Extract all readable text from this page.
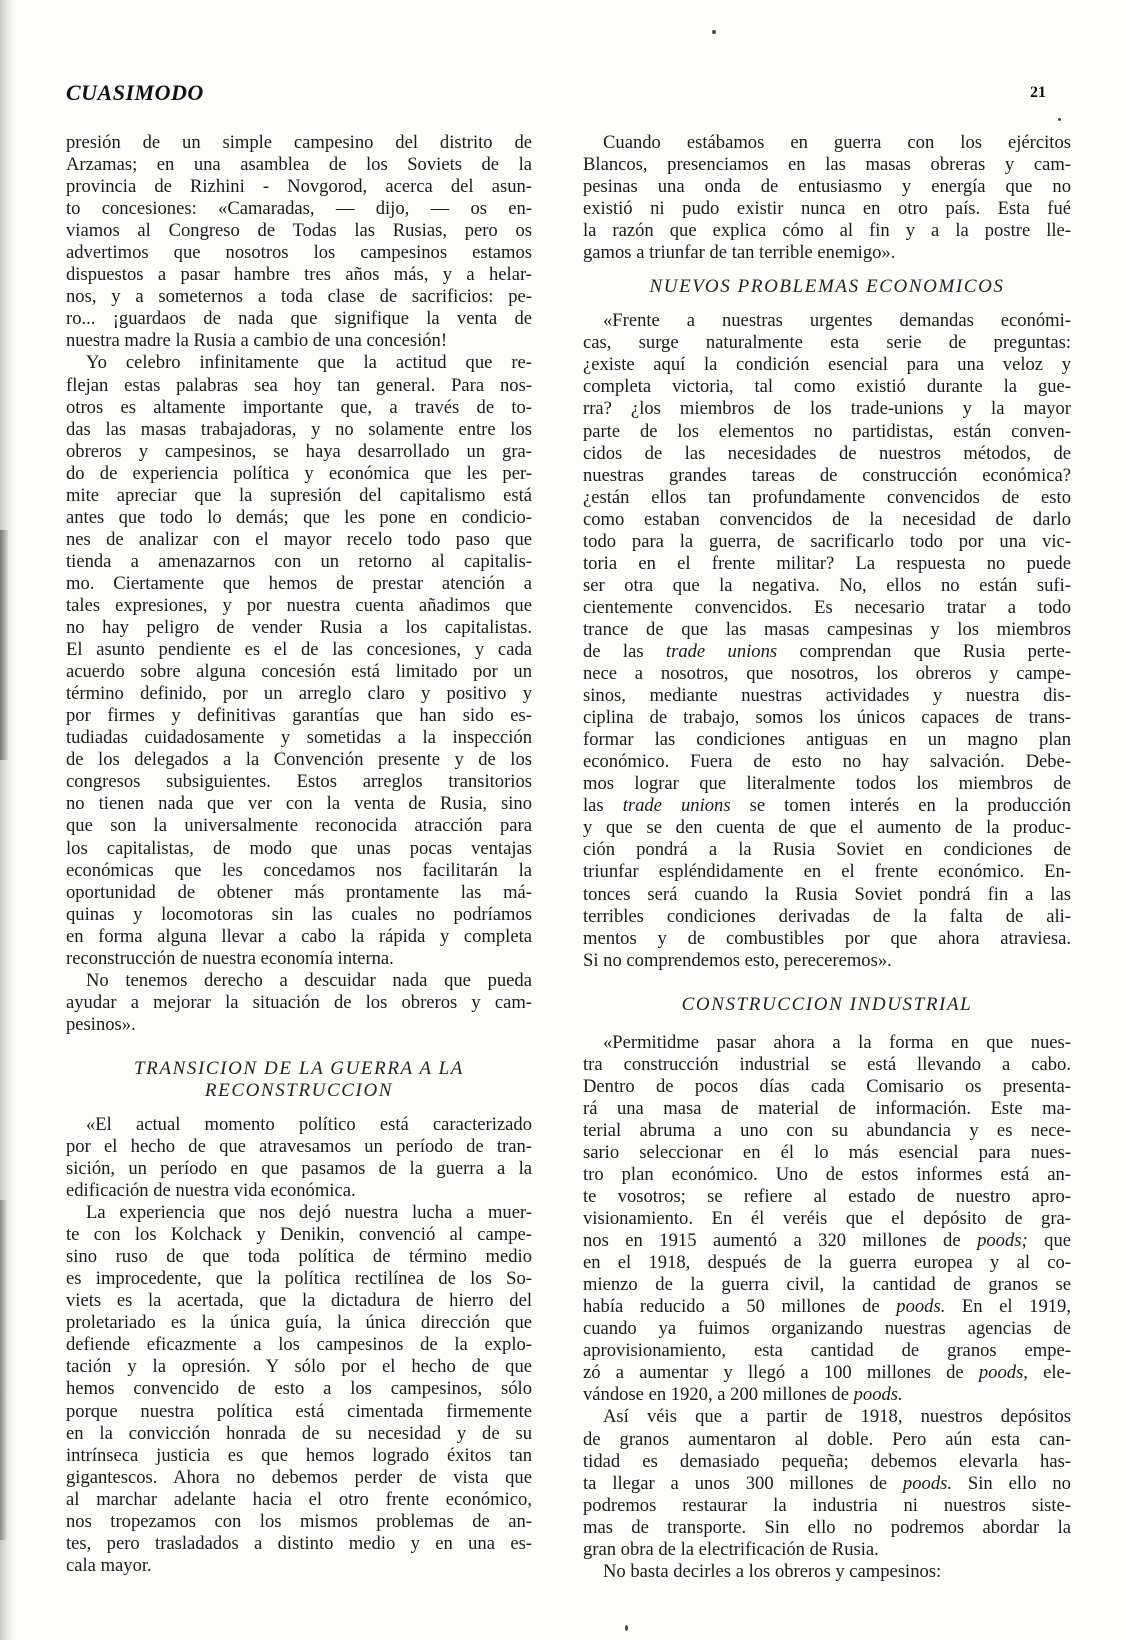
CUASIMODO	21
presión de un simple campesino del distrito de
Arzamas; en una asamblea de los Soviets de la
provincia de Rizhini - Novgorod, acerca del asun-
to concesiones: «Camaradas, — dijo, — os en-
viamos al Congreso de Todas las Rusias, pero os
advertimos que nosotros los campesinos estamos
dispuestos a pasar hambre tres años más, y a helar-
nos, y a someternos a toda clase de sacrificios: pe-
ro... ¡guardaos de nada que signifique la venta de
nuestra madre la Rusia a cambio de una concesión!
Yo celebro infinitamente que la actitud que re-
flejan estas palabras sea hoy tan general. Para nos-
otros es altamente importante que, a través de to-
das las masas trabajadoras, y no solamente entre los
obreros y campesinos, se haya desarrollado un gra-
do de experiencia política y económica que les per-
mite apreciar que la supresión del capitalismo está
antes que todo lo demás; que les pone en condicio-
nes de analizar con el mayor recelo todo paso que
tienda a amenazarnos con un retorno al capitalis-
mo. Ciertamente que hemos de prestar atención a
tales expresiones, y por nuestra cuenta añadimos que
no hay peligro de vender Rusia a los capitalistas.
El asunto pendiente es el de las concesiones, y cada
acuerdo sobre alguna concesión está limitado por un
término definido, por un arreglo claro y positivo y
por firmes y definitivas garantías que han sido es-
tudiadas cuidadosamente y sometidas a la inspección
de los delegados a la Convención presente y de los
congresos subsiguientes. Estos arreglos transitorios
no tienen nada que ver con la venta de Rusia, sino
que son la universalmente reconocida atracción para
los capitalistas, de modo que unas pocas ventajas
económicas que les concedamos nos facilitarán la
oportunidad de obtener más prontamente las má-
quinas y locomotoras sin las cuales no podríamos
en forma alguna llevar a cabo la rápida y completa
reconstrucción de nuestra economía interna.
No tenemos derecho a descuidar nada que pueda
ayudar a mejorar la situación de los obreros y cam-
pesinos».
TRANSICION DE LA GUERRA A LA
RECONSTRUCCION
«El actual momento político está caracterizado
por el hecho de que atravesamos un período de tran-
sición, un período en que pasamos de la guerra a la
edificación de nuestra vida económica.
La experiencia que nos dejó nuestra lucha a muer-
te con los Kolchack y Denikin, convenció al campe-
sino ruso de que toda política de término medio
es improcedente, que la política rectilínea de los So-
viets es la acertada, que la dictadura de hierro del
proletariado es la única guía, la única dirección que
defiende eficazmente a los campesinos de la explo-
tación y la opresión. Y sólo por el hecho de que
hemos convencido de esto a los campesinos, sólo
porque nuestra política está cimentada firmemente
en la convicción honrada de su necesidad y de su
intrínseca justicia es que hemos logrado éxitos tan
gigantescos. Ahora no debemos perder de vista que
al marchar adelante hacia el otro frente económico,
nos tropezamos con los mismos problemas de an-
tes, pero trasladados a distinto medio y en una es-
cala mayor.
Cuando estábamos en guerra con los ejércitos
Blancos, presenciamos en las masas obreras y cam-
pesinas una onda de entusiasmo y energía que no
existió ni pudo existir nunca en otro país. Esta fué
la razón que explica cómo al fin y a la postre lle-
gamos a triunfar de tan terrible enemigo».
NUEVOS PROBLEMAS ECONOMICOS
«Frente a nuestras urgentes demandas económi-
cas, surge naturalmente esta serie de preguntas:
¿existe aquí la condición esencial para una veloz y
completa victoria, tal como existió durante la gue-
rra? ¿los miembros de los trade-unions y la mayor
parte de los elementos no partidistas, están conven-
cidos de las necesidades de nuestros métodos, de
nuestras grandes tareas de construcción económica?
¿están ellos tan profundamente convencidos de esto
como estaban convencidos de la necesidad de darlo
todo para la guerra, de sacrificarlo todo por una vic-
toria en el frente militar? La respuesta no puede
ser otra que la negativa. No, ellos no están sufi-
cientemente convencidos. Es necesario tratar a todo
trance de que las masas campesinas y los miembros
de las trade unions comprendan que Rusia perte-
nece a nosotros, que nosotros, los obreros y campe-
sinos, mediante nuestras actividades y nuestra dis-
ciplina de trabajo, somos los únicos capaces de trans-
formar las condiciones antiguas en un magno plan
económico. Fuera de esto no hay salvación. Debe-
mos lograr que literalmente todos los miembros de
las trade unions se tomen interés en la producción
y que se den cuenta de que el aumento de la produc-
ción pondrá a la Rusia Soviet en condiciones de
triunfar espléndidamente en el frente económico. En-
tonces será cuando la Rusia Soviet pondrá fin a las
terribles condiciones derivadas de la falta de ali-
mentos y de combustibles por que ahora atraviesa.
Si no comprendemos esto, pereceremos».
CONSTRUCCION INDUSTRIAL
«Permitidme pasar ahora a la forma en que nues-
tra construcción industrial se está llevando a cabo.
Dentro de pocos días cada Comisario os presenta-
rá una masa de material de información. Este ma-
terial abruma a uno con su abundancia y es nece-
sario seleccionar en él lo más esencial para nues-
tro plan económico. Uno de estos informes está an-
te vosotros; se refiere al estado de nuestro apro-
visionamiento. En él veréis que el depósito de gra-
nos en 1915 aumentó a 320 millones de poods; que
en el 1918, después de la guerra europea y al co-
mienzo de la guerra civil, la cantidad de granos se
había reducido a 50 millones de poods. En el 1919,
cuando ya fuimos organizando nuestras agencias de
aprovisionamiento, esta cantidad de granos empe-
zó a aumentar y llegó a 100 millones de poods, ele-
vándose en 1920, a 200 millones de poods.
Así véis que a partir de 1918, nuestros depósitos
de granos aumentaron al doble. Pero aún esta can-
tidad es demasiado pequeña; debemos elevarla has-
ta llegar a unos 300 millones de poods. Sin ello no
podremos restaurar la industria ni nuestros siste-
mas de transporte. Sin ello no podremos abordar la
gran obra de la electrificación de Rusia.
No basta decirles a los obreros y campesinos:
